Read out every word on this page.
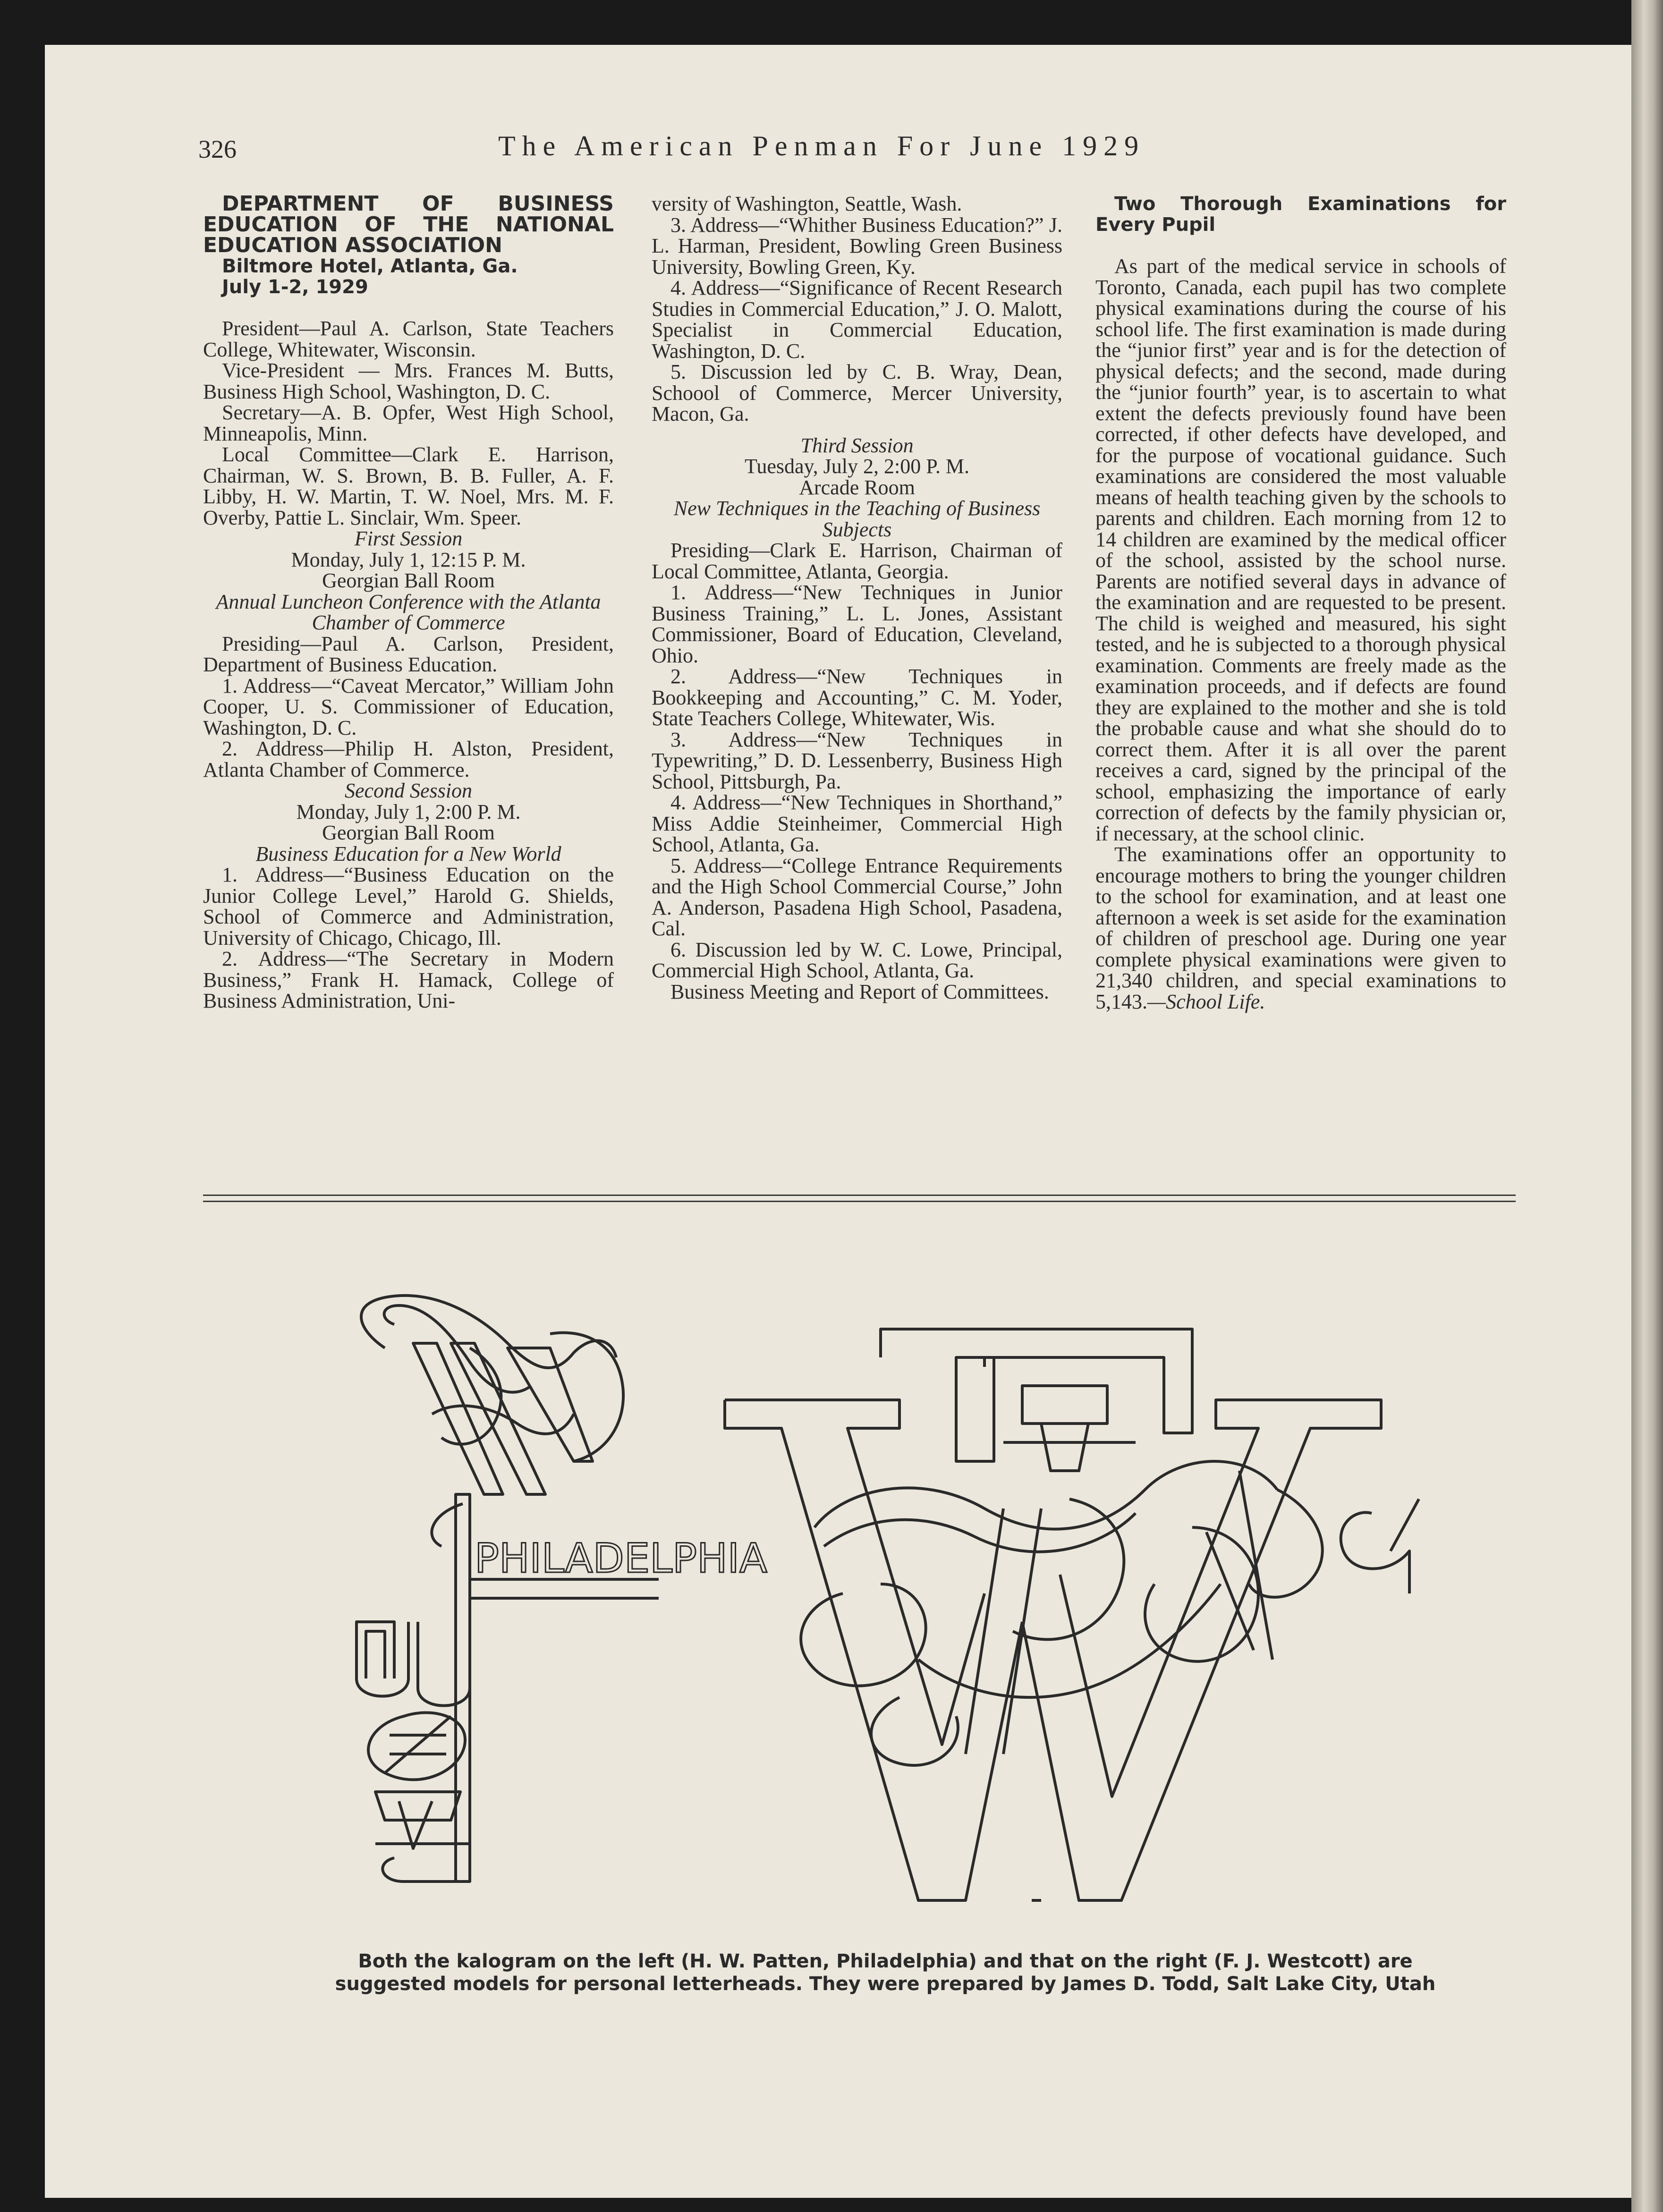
326	The American Penman For June 1929

DEPARTMENT OF BUSINESS EDUCATION OF THE NATIONAL EDUCATION ASSOCIATION

Biltmore Hotel, Atlanta, Ga.

July 1-2, 1929

President—Paul A. Carlson, State Teachers College, Whitewater, Wisconsin.

Vice-President — Mrs. Frances M. Butts, Business High School, Washington, D. C.

Secretary—A. B. Opfer, West High School, Minneapolis, Minn.

Local Committee—Clark E. Harrison, Chairman, W. S. Brown, B. B. Fuller, A. F. Libby, H. W. Martin, T. W. Noel, Mrs. M. F. Overby, Pattie L. Sinclair, Wm. Speer.

First Session

Monday, July 1, 12:15 P. M.

Georgian Ball Room

Annual Luncheon Conference with the Atlanta Chamber of Commerce

Presiding—Paul A. Carlson, President, Department of Business Education.

1. Address—“Caveat Mercator,” William John Cooper, U. S. Commissioner of Education, Washington, D. C.

2. Address—Philip H. Alston, President, Atlanta Chamber of Commerce.

Second Session

Monday, July 1, 2:00 P. M.

Georgian Ball Room

Business Education for a New World

1. Address—“Business Education on the Junior College Level,” Harold G. Shields, School of Commerce and Administration, University of Chicago, Chicago, Ill.

2. Address—“The Secretary in Modern Business,” Frank H. Hamack, College of Business Administration, Uni-

versity of Washington, Seattle, Wash.

3. Address—“Whither Business Education?” J. L. Harman, President, Bowling Green Business University, Bowling Green, Ky.

4. Address—“Significance of Recent Research Studies in Commercial Education,” J. O. Malott, Specialist in Commercial Education, Washington, D. C.

5. Discussion led by C. B. Wray, Dean, Schoool of Commerce, Mercer University, Macon, Ga.

Third Session

Tuesday, July 2, 2:00 P. M.

Arcade Room

New Techniques in the Teaching of Business Subjects

Presiding—Clark E. Harrison, Chairman of Local Committee, Atlanta, Georgia.

1. Address—“New Techniques in Junior Business Training,” L. L. Jones, Assistant Commissioner, Board of Education, Cleveland, Ohio.

2. Address—“New Techniques in Bookkeeping and Accounting,” C. M. Yoder, State Teachers College, Whitewater, Wis.

3. Address—“New Techniques in Typewriting,” D. D. Lessenberry, Business High School, Pittsburgh, Pa.

4. Address—“New Techniques in Shorthand,” Miss Addie Steinheimer, Commercial High School, Atlanta, Ga.

5. Address—“College Entrance Requirements and the High School Commercial Course,” John A. Anderson, Pasadena High School, Pasadena, Cal.

6. Discussion led by W. C. Lowe, Principal, Commercial High School, Atlanta, Ga.

Business Meeting and Report of Committees.

Two Thorough Examinations for Every Pupil

As part of the medical service in schools of Toronto, Canada, each pupil has two complete physical examinations during the course of his school life. The first examination is made during the “junior first” year and is for the detection of physical defects; and the second, made during the “junior fourth” year, is to ascertain to what extent the defects previously found have been corrected, if other defects have developed, and for the purpose of vocational guidance. Such examinations are considered the most valuable means of health teaching given by the schools to parents and children. Each morning from 12 to 14 children are examined by the medical officer of the school, assisted by the school nurse. Parents are notified several days in advance of the examination and are requested to be present. The child is weighed and measured, his sight tested, and he is subjected to a thorough physical examination. Comments are freely made as the examination proceeds, and if defects are found they are explained to the mother and she is told the probable cause and what she should do to correct them. After it is all over the parent receives a card, signed by the principal of the school, emphasizing the importance of early correction of defects by the family physician or, if necessary, at the school clinic.

The examinations offer an opportunity to encourage mothers to bring the younger children to the school for examination, and at least one afternoon a week is set aside for the examination of children of preschool age. During one year complete physical examinations were given to 21,340 children, and special examinations to 5,143.—School Life.

PHILADELPHIA
Both the kalogram on the left (H. W. Patten, Philadelphia) and that on the right (F. J. Westcott) are suggested models for personal letterheads. They were prepared by James D. Todd, Salt Lake City, Utah
